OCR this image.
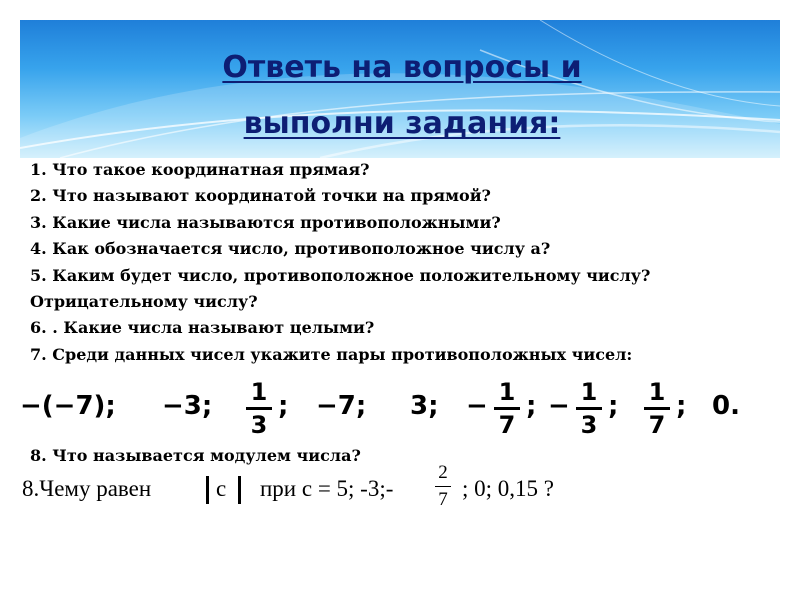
Ответь на вопросы и
выполни задания:
1. Что такое координатная прямая?
2. Что называют координатой точки на прямой?
3. Какие числа называются противоположными?
4. Как обозначается число, противоположное числу а?
5. Каким будет число, противоположное положительному числу?
Отрицательному числу?
6. . Какие числа называют целыми?
7. Среди данных чисел укажите пары противоположных чисел:
−(−7); −3; 1
3
; −7; 3; − 1
7
; − 1
3
; 1
7
; 0.
8. Что называется модулем числа?
8.Чему равен	с при с = 5; -3;-
2
7 ; 0; 0,15 ?
